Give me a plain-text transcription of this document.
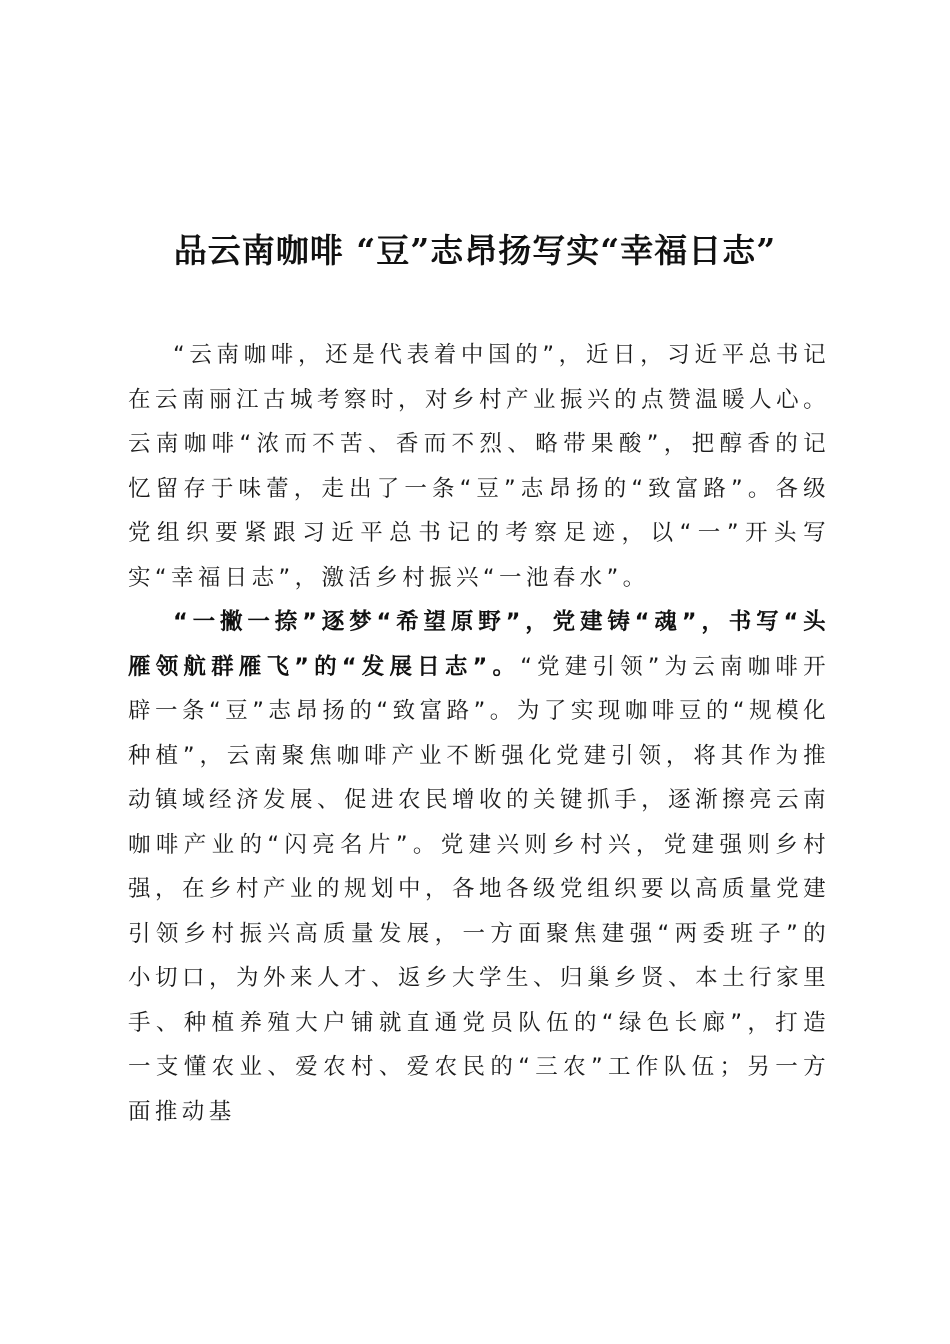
品云南咖啡 “豆”志昂扬写实“幸福日志”

“云南咖啡，还是代表着中国的”，近日，习近平总书记在云南丽江古城考察时，对乡村产业振兴的点赞温暖人心。云南咖啡“浓而不苦、香而不烈、略带果酸”，把醇香的记忆留存于味蕾，走出了一条“豆”志昂扬的“致富路”。各级党组织要紧跟习近平总书记的考察足迹，以“一”开头写实“幸福日志”，激活乡村振兴“一池春水”。

“一撇一捺”逐梦“希望原野”，党建铸“魂”，书写“头雁领航群雁飞”的“发展日志”。“党建引领”为云南咖啡开辟一条“豆”志昂扬的“致富路”。为了实现咖啡豆的“规模化种植”，云南聚焦咖啡产业不断强化党建引领，将其作为推动镇域经济发展、促进农民增收的关键抓手，逐渐擦亮云南咖啡产业的“闪亮名片”。党建兴则乡村兴，党建强则乡村强，在乡村产业的规划中，各地各级党组织要以高质量党建引领乡村振兴高质量发展，一方面聚焦建强“两委班子”的小切口，为外来人才、返乡大学生、归巢乡贤、本土行家里手、种植养殖大户铺就直通党员队伍的“绿色长廊”，打造一支懂农业、爱农村、爱农民的“三农”工作队伍；另一方面推动基
